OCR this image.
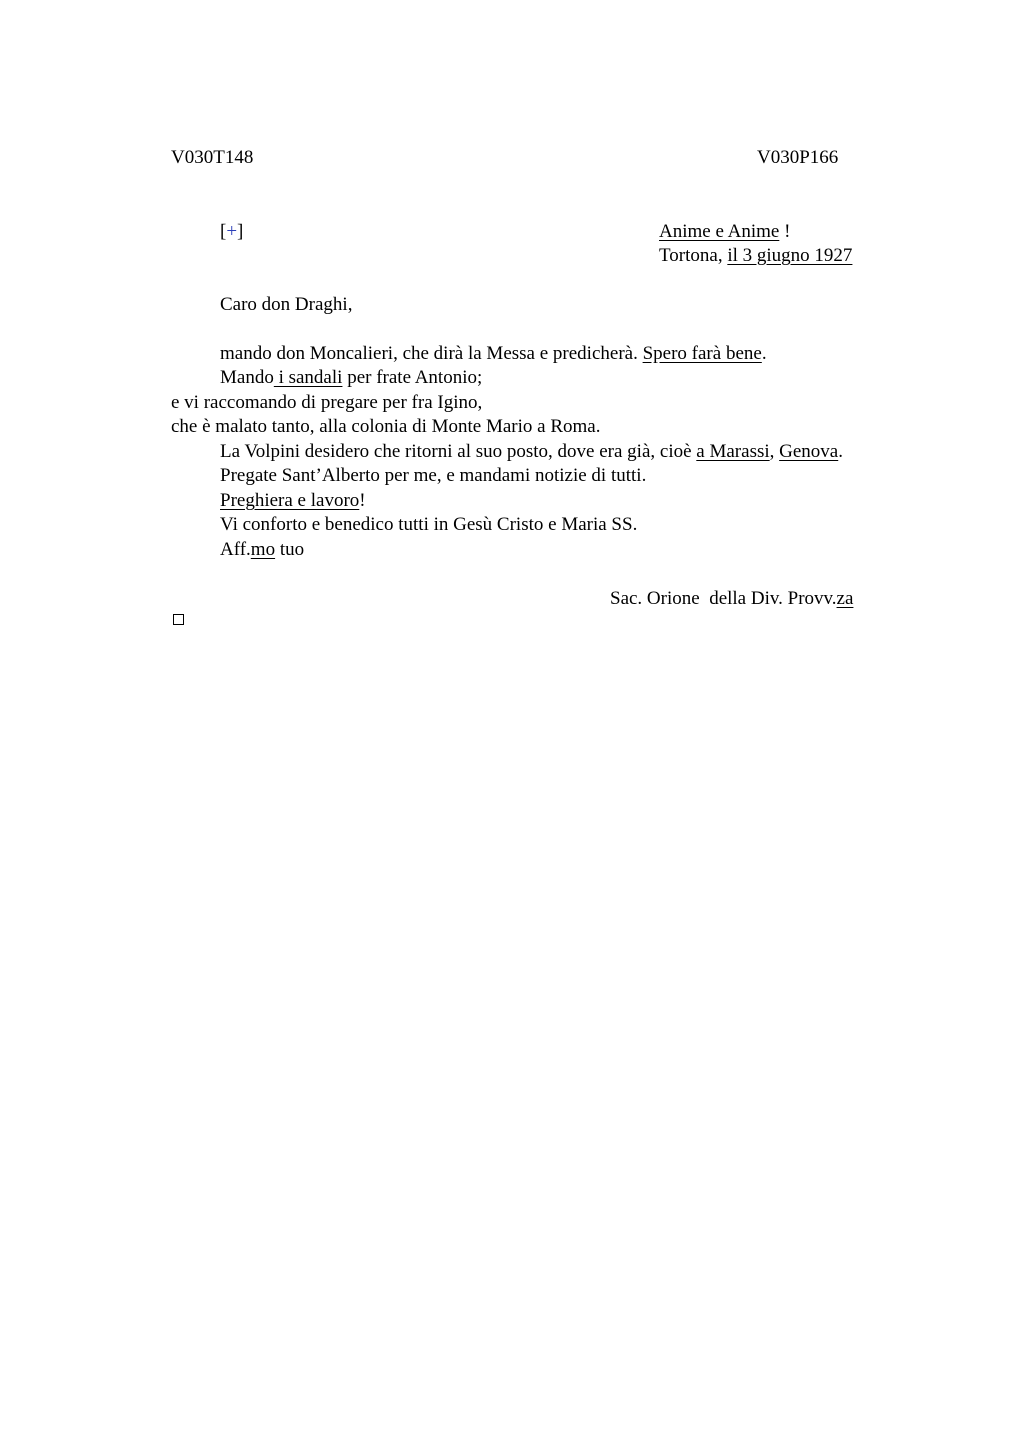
V030T148	V030P166
[+]	Anime e Anime !
Tortona, il 3 giugno 1927
Caro don Draghi,
mando don Moncalieri, che dirà la Messa e predicherà. Spero farà bene.
Mando i sandali per frate Antonio;
e vi raccomando di pregare per fra Igino,
che è malato tanto, alla colonia di Monte Mario a Roma.
La Volpini desidero che ritorni al suo posto, dove era già, cioè a Marassi, Genova.
Pregate Sant’Alberto per me, e mandami notizie di tutti.
Preghiera e lavoro!
Vi conforto e benedico tutti in Gesù Cristo e Maria SS.
Aff.mo tuo
Sac. Orione  della Div. Provv.za
